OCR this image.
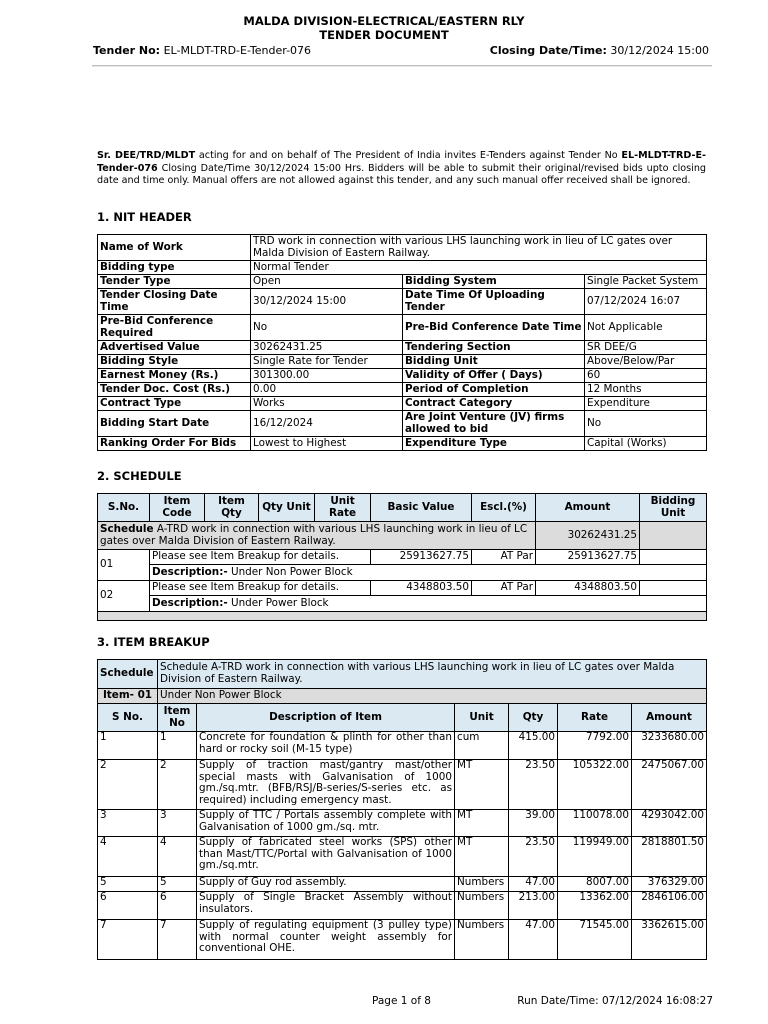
MALDA DIVISION-ELECTRICAL/EASTERN RLY
TENDER DOCUMENT
Tender No: EL-MLDT-TRD-E-Tender-076	Closing Date/Time: 30/12/2024 15:00
Sr. DEE/TRD/MLDT acting for and on behalf of The President of India invites E-Tenders against Tender No EL-MLDT-TRD-E-Tender-076 Closing Date/Time 30/12/2024 15:00 Hrs. Bidders will be able to submit their original/revised bids upto closing date and time only. Manual offers are not allowed against this tender, and any such manual offer received shall be ignored.
1. NIT HEADER
Name of Work	TRD work in connection with various LHS launching work in lieu of LC gates over Malda Division of Eastern Railway.		
Bidding type	Normal Tender		
Tender Type	Open	Bidding System	Single Packet System
Tender Closing Date Time	30/12/2024 15:00	Date Time Of Uploading Tender	07/12/2024 16:07
Pre-Bid Conference Required	No	Pre-Bid Conference Date Time	Not Applicable
Advertised Value	30262431.25	Tendering Section	SR DEE/G
Bidding Style	Single Rate for Tender	Bidding Unit	Above/Below/Par
Earnest Money (Rs.)	301300.00	Validity of Offer ( Days)	60
Tender Doc. Cost (Rs.)	0.00	Period of Completion	12 Months
Contract Type	Works	Contract Category	Expenditure
Bidding Start Date	16/12/2024	Are Joint Venture (JV) firms allowed to bid	No
Ranking Order For Bids	Lowest to Highest	Expenditure Type	Capital (Works)
2. SCHEDULE
S.No.	Item Code	Item Qty	Qty Unit	Unit Rate	Basic Value	Escl.(%)	Amount	Bidding Unit
Schedule A-TRD work in connection with various LHS launching work in lieu of LC gates over Malda Division of Eastern Railway.							30262431.25	
01	Please see Item Breakup for details.				25913627.75	AT Par	25913627.75	
	Description:- Under Non Power Block							
02	Please see Item Breakup for details.				4348803.50	AT Par	4348803.50	
	Description:- Under Power Block							

3. ITEM BREAKUP
Schedule	Schedule A-TRD work in connection with various LHS launching work in lieu of LC gates over Malda Division of Eastern Railway.					
Item- 01	Under Non Power Block					
S No.	Item No	Description of Item	Unit	Qty	Rate	Amount
1	1	Concrete for foundation & plinth for other than hard or rocky soil (M-15 type)	cum	415.00	7792.00	3233680.00
2	2	Supply of traction mast/gantry mast/other special masts with Galvanisation of 1000 gm./sq.mtr. (BFB/RSJ/B-series/S-series etc. as required) including emergency mast.	MT	23.50	105322.00	2475067.00
3	3	Supply of TTC / Portals assembly complete with Galvanisation of 1000 gm./sq. mtr.	MT	39.00	110078.00	4293042.00
4	4	Supply of fabricated steel works (SPS) other than Mast/TTC/Portal with Galvanisation of 1000 gm./sq.mtr.	MT	23.50	119949.00	2818801.50
5	5	Supply of Guy rod assembly.	Numbers	47.00	8007.00	376329.00
6	6	Supply of Single Bracket Assembly without insulators.	Numbers	213.00	13362.00	2846106.00
7	7	Supply of regulating equipment (3 pulley type) with normal counter weight assembly for conventional OHE.	Numbers	47.00	71545.00	3362615.00
Page 1 of 8	Run Date/Time: 07/12/2024 16:08:27
